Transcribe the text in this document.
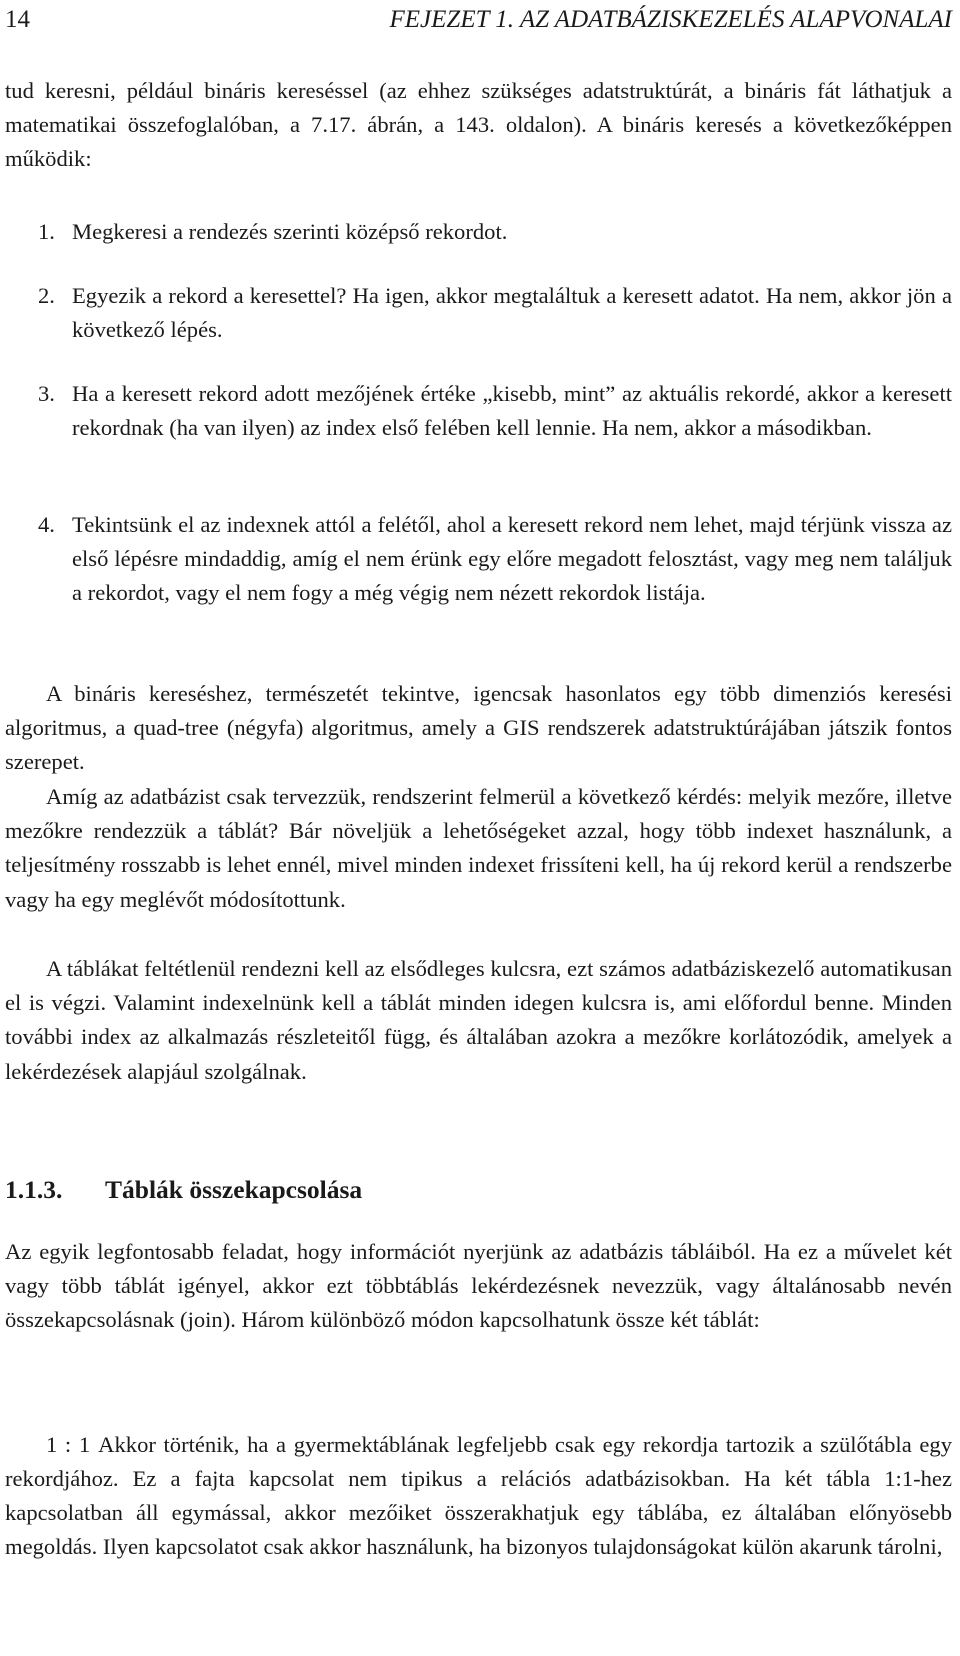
14	FEJEZET 1. AZ ADATBÁZISKEZELÉS ALAPVONALAI

tud keresni, például bináris kereséssel (az ehhez szükséges adatstruktúrát, a bináris fát láthatjuk a matematikai összefoglalóban, a 7.17. ábrán, a 143. oldalon). A bináris keresés a következőképpen működik:

1. Megkeresi a rendezés szerinti középső rekordot.
2. Egyezik a rekord a keresettel? Ha igen, akkor megtaláltuk a keresett adatot. Ha nem, akkor jön a következő lépés.
3. Ha a keresett rekord adott mezőjének értéke „kisebb, mint” az aktuális rekordé, akkor a keresett rekordnak (ha van ilyen) az index első felében kell lennie. Ha nem, akkor a másodikban.
4. Tekintsünk el az indexnek attól a felétől, ahol a keresett rekord nem lehet, majd térjünk vissza az első lépésre mindaddig, amíg el nem érünk egy előre megadott felosztást, vagy meg nem találjuk a rekordot, vagy el nem fogy a még végig nem nézett rekordok listája.

A bináris kereséshez, természetét tekintve, igencsak hasonlatos egy több dimenziós keresési algoritmus, a quad-tree (négyfa) algoritmus, amely a GIS rendszerek adatstruktúrájában játszik fontos szerepet.

Amíg az adatbázist csak tervezzük, rendszerint felmerül a következő kérdés: melyik mezőre, illetve mezőkre rendezzük a táblát? Bár növeljük a lehetőségeket azzal, hogy több indexet használunk, a teljesítmény rosszabb is lehet ennél, mivel minden indexet frissíteni kell, ha új rekord kerül a rendszerbe vagy ha egy meglévőt módosítottunk.

A táblákat feltétlenül rendezni kell az elsődleges kulcsra, ezt számos adatbáziskezelő automatikusan el is végzi. Valamint indexelnünk kell a táblát minden idegen kulcsra is, ami előfordul benne. Minden további index az alkalmazás részleteitől függ, és általában azokra a mezőkre korlátozódik, amelyek a lekérdezések alapjául szolgálnak.

1.1.3. Táblák összekapcsolása

Az egyik legfontosabb feladat, hogy információt nyerjünk az adatbázis tábláiból. Ha ez a művelet két vagy több táblát igényel, akkor ezt többtáblás lekérdezésnek nevezzük, vagy általánosabb nevén összekapcsolásnak (join). Három különböző módon kapcsolhatunk össze két táblát:

1 : 1 Akkor történik, ha a gyermektáblának legfeljebb csak egy rekordja tartozik a szülőtábla egy rekordjához. Ez a fajta kapcsolat nem tipikus a relációs adatbázisokban. Ha két tábla 1:1-hez kapcsolatban áll egymással, akkor mezőiket összerakhatjuk egy táblába, ez általában előnyösebb megoldás. Ilyen kapcsolatot csak akkor használunk, ha bizonyos tulajdonságokat külön akarunk tárolni,
